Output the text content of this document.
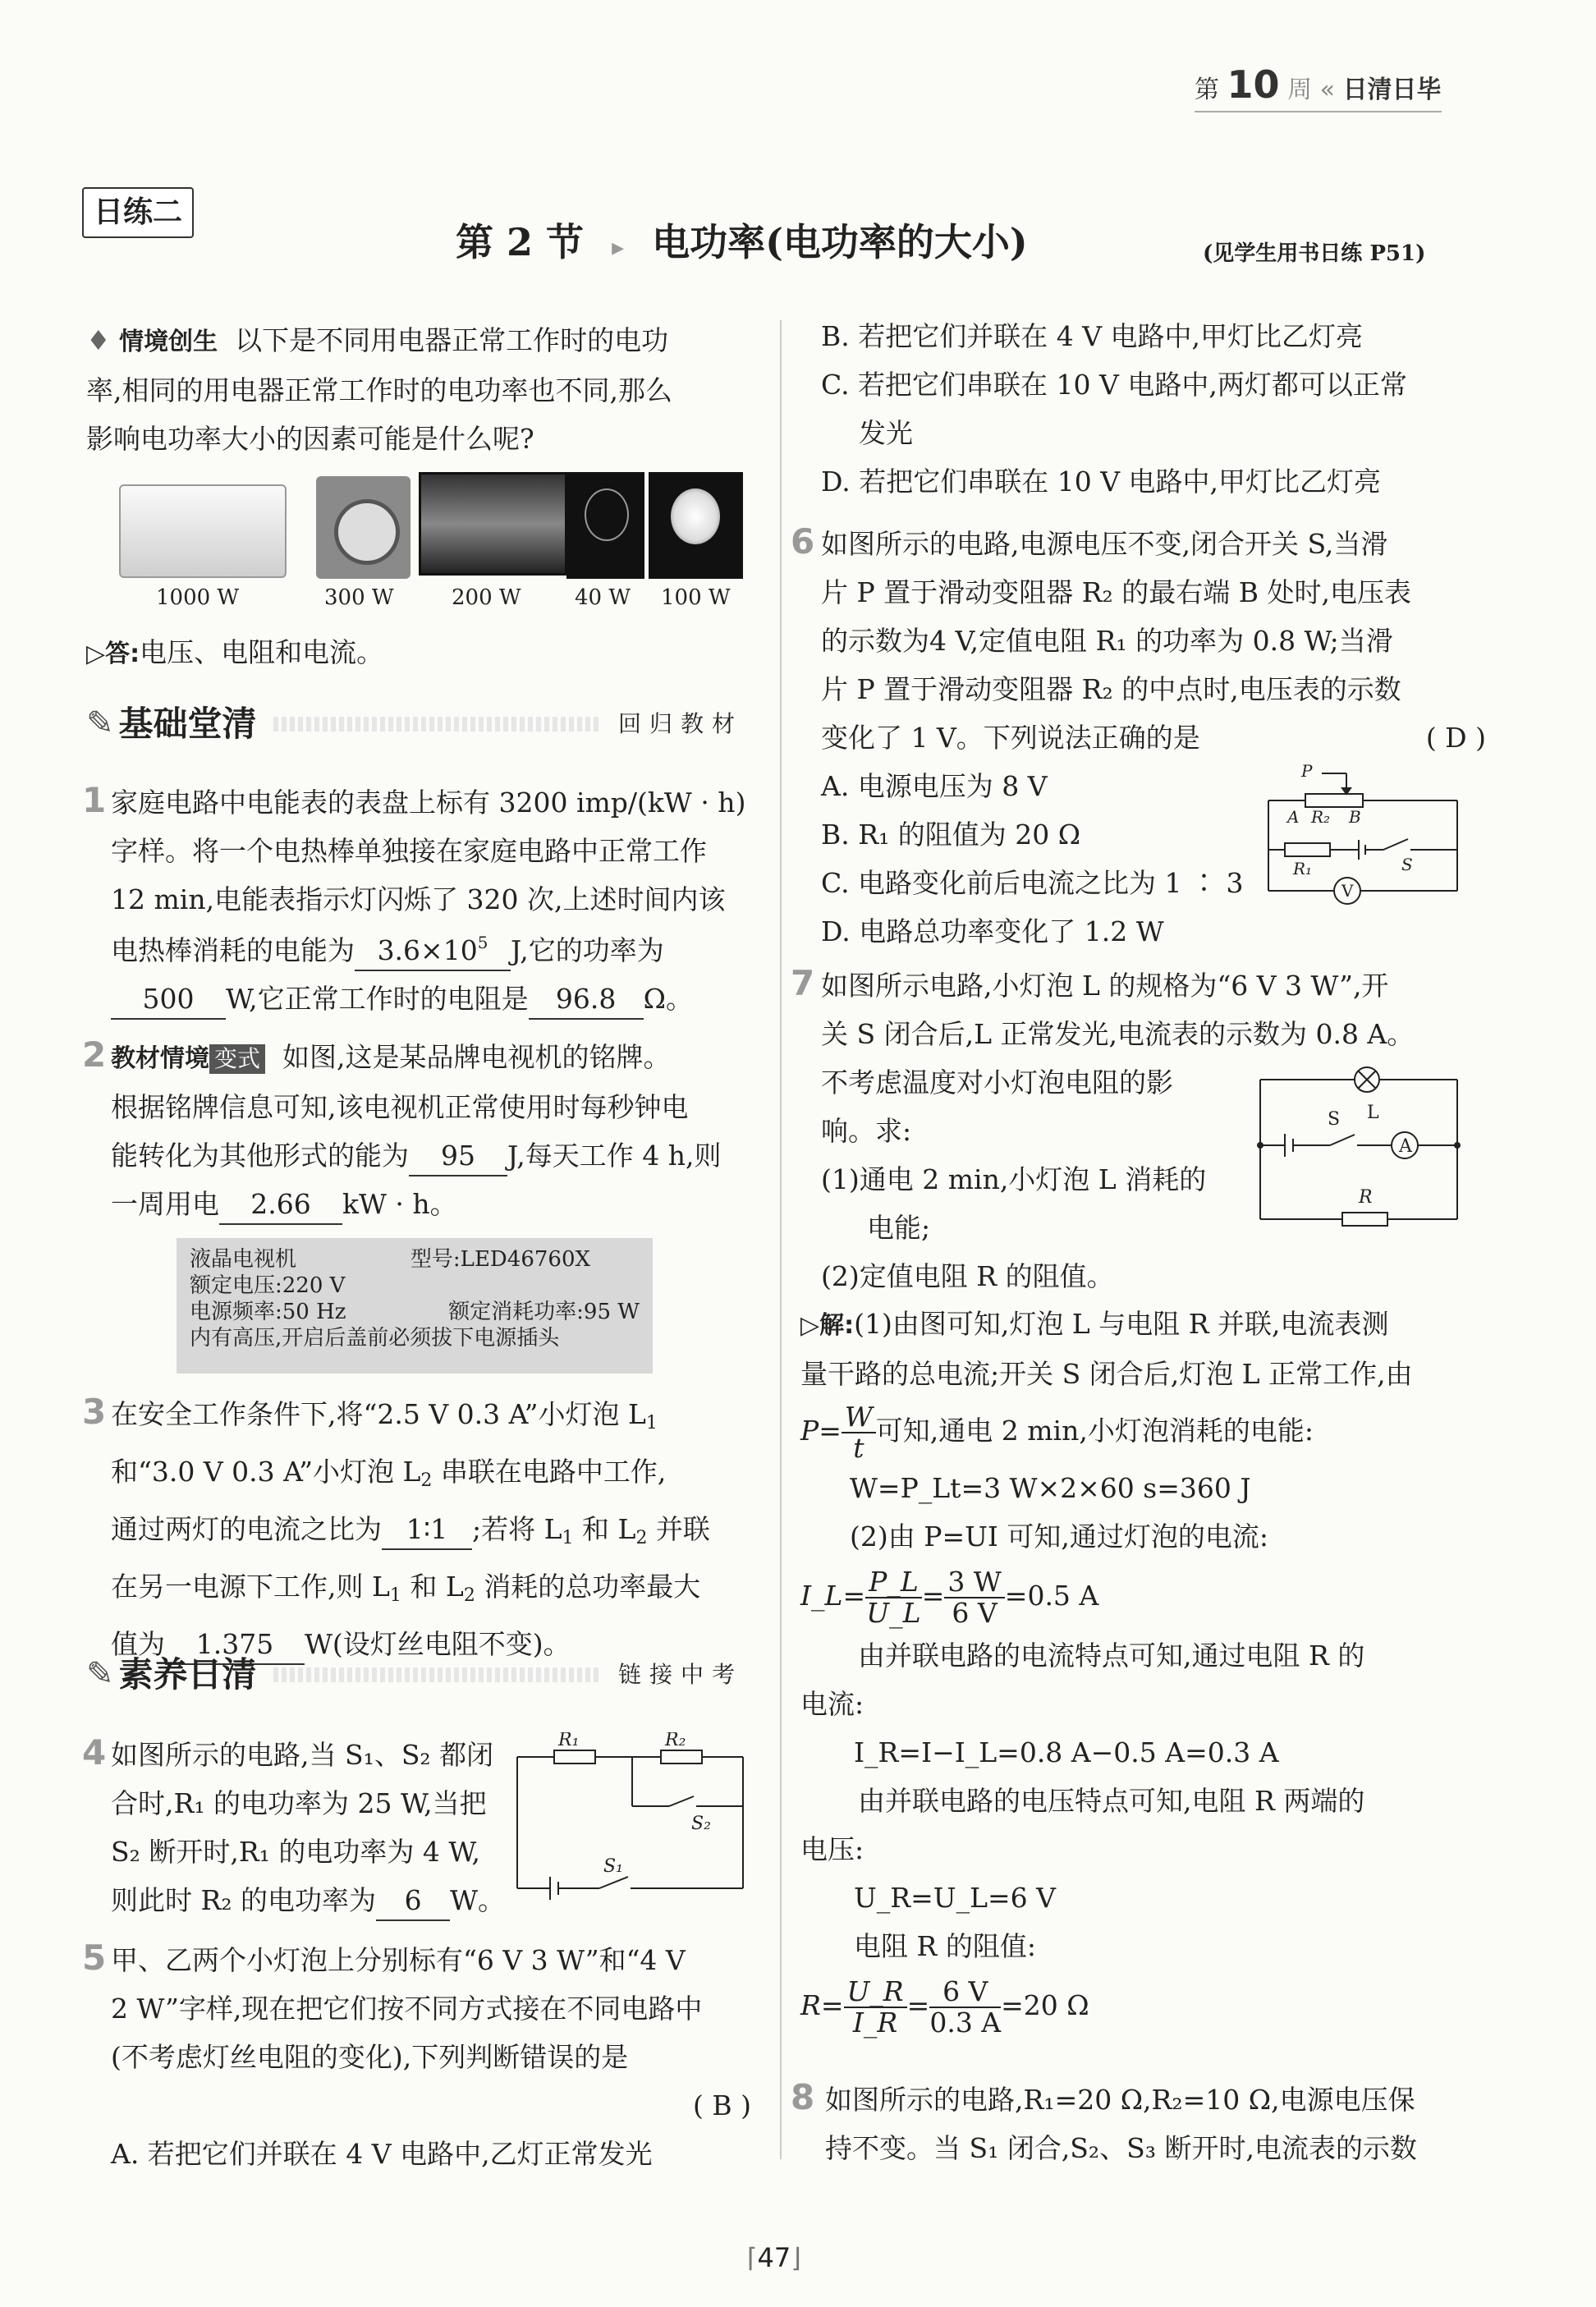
第 10 周 « 日清日毕
日练二
第 2 节 ▸ 电功率(电功率的大小)	(见学生用书日练 P51)
♦ 情境创生 以下是不同用电器正常工作时的电功
率,相同的用电器正常工作时的电功率也不同,那么
影响电功率大小的因素可能是什么呢?
1000 W	300 W	200 W	40 W 100 W
▷答:电压、电阻和电流。
✎ 基础堂清	回归教材
1 家庭电路中电能表的表盘上标有 3200 imp/(kW · h)
字样。将一个电热棒单独接在家庭电路中正常工作
12 min,电能表指示灯闪烁了 320 次,上述时间内该
电热棒消耗的电能为 $3.6\times 10^5$ J,它的功率为
500 W,它正常工作时的电阻是 96.8 Ω。
2 教材情境 变式 如图,这是某品牌电视机的铭牌。
根据铭牌信息可知,该电视机正常使用时每秒钟电
能转化为其他形式的能为 95 J,每天工作 4 h,则
一周用电 2.66 kW · h。
液晶电视机	型号:LED46760X
额定电压:220 V
电源频率:50 Hz	额定消耗功率:95 W
内有高压,开启后盖前必须拔下电源插头
3 在安全工作条件下,将“2.5 V 0.3 A”小灯泡 $L_1$
和“3.0 V 0.3 A”小灯泡 $L_2$ 串联在电路中工作,
通过两灯的电流之比为 1∶1 ;若将 $L_1$ 和 $L_2$ 并联
在另一电源下工作,则 $L_1$ 和 $L_2$ 消耗的总功率最大
值为 1.375 W(设灯丝电阻不变)。
✎ 素养日清	链接中考
4 如图所示的电路,当 S₁、S₂ 都闭
合时,R₁ 的电功率为 25 W,当把
S₂ 断开时,R₁ 的电功率为 4 W,
则此时 R₂ 的电功率为 6 W。
R₁	R₂
S₁
S₂
5 甲、乙两个小灯泡上分别标有“6 V 3 W”和“4 V
2 W”字样,现在把它们按不同方式接在不同电路中
(不考虑灯丝电阻的变化),下列判断错误的是
( B )
A. 若把它们并联在 4 V 电路中,乙灯正常发光
B. 若把它们并联在 4 V 电路中,甲灯比乙灯亮
C. 若把它们串联在 10 V 电路中,两灯都可以正常
发光
D. 若把它们串联在 10 V 电路中,甲灯比乙灯亮
6 如图所示的电路,电源电压不变,闭合开关 S,当滑
片 P 置于滑动变阻器 R₂ 的最右端 B 处时,电压表
的示数为4 V,定值电阻 R₁ 的功率为 0.8 W;当滑
片 P 置于滑动变阻器 R₂ 的中点时,电压表的示数
变化了 1 V。下列说法正确的是	( D )
A. 电源电压为 8 V
B. R₁ 的阻值为 20 Ω
C. 电路变化前后电流之比为 1 ∶ 3
D. 电路总功率变化了 1.2 W
P
A R₂ B
R₁	S
V
7 如图所示电路,小灯泡 L 的规格为“6 V 3 W”,开
关 S 闭合后,L 正常发光,电流表的示数为 0.8 A。
不考虑温度对小灯泡电阻的影
响。求:
(1)通电 2 min,小灯泡 L 消耗的
电能;
(2)定值电阻 R 的阻值。
S L
A
R
▷解:(1)由图可知,灯泡 L 与电阻 R 并联,电流表测
量干路的总电流;开关 S 闭合后,灯泡 L 正常工作,由
$P= \frac{W}{t}$ 可知,通电 2 min,小灯泡消耗的电能:
W=P_Lt=3 W×2×60 s=360 J
(2)由 P=UI 可知,通过灯泡的电流:
I_L= $\frac{P\_L}{U\_L} = \frac{3 W}{6 V} =0.5$ A
由并联电路的电流特点可知,通过电阻 R 的
电流:
I_R=I−I_L=0.8 A−0.5 A=0.3 A
由并联电路的电压特点可知,电阻 R 两端的
电压:
U_R=U_L=6 V
电阻 R 的阻值:
$R= \frac{U\_R}{I\_R} = \frac{6 V}{0.3 A} =20$ Ω
8 如图所示的电路,R₁=20 Ω,R₂=10 Ω,电源电压保
持不变。当 S₁ 闭合,S₂、S₃ 断开时,电流表的示数
⌈47⌋
